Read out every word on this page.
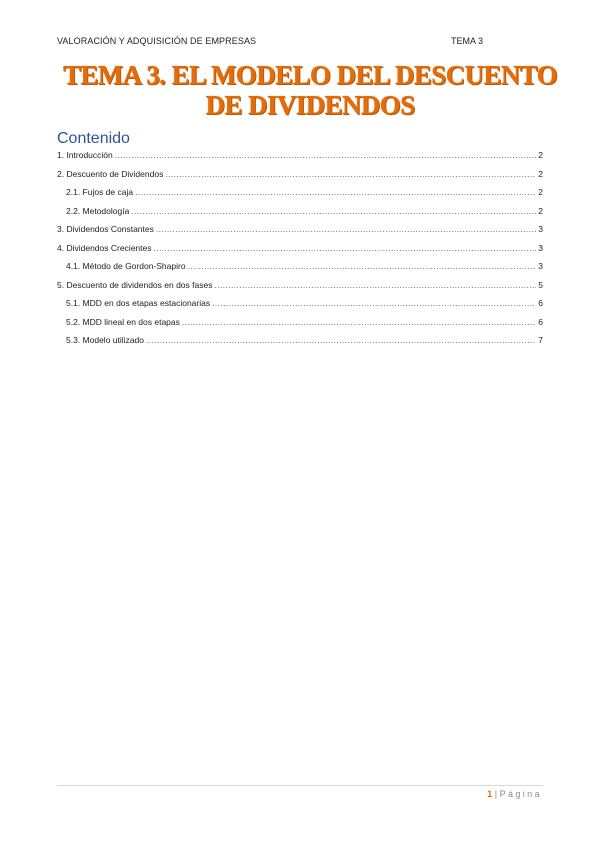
VALORACIÓN Y ADQUISICIÓN DE EMPRESAS	TEMA 3
TEMA 3. EL MODELO DEL DESCUENTO
DE DIVIDENDOS
Contenido
1. Introducción .....	2
2. Descuento de Dividendos .....	2
2.1. Fujos de caja .....	2
2.2. Metodología .....	2
3. Dividendos Constantes .....	3
4. Dividendos Crecientes .....	3
4.1. Método de Gordon-Shapiro .....	3
5. Descuento de dividendos en dos fases .....	5
5.1. MDD en dos etapas estacionarias .....	6
5.2. MDD lineal en dos etapas .....	6
5.3. Modelo utilizado .....	7
1 | Página
